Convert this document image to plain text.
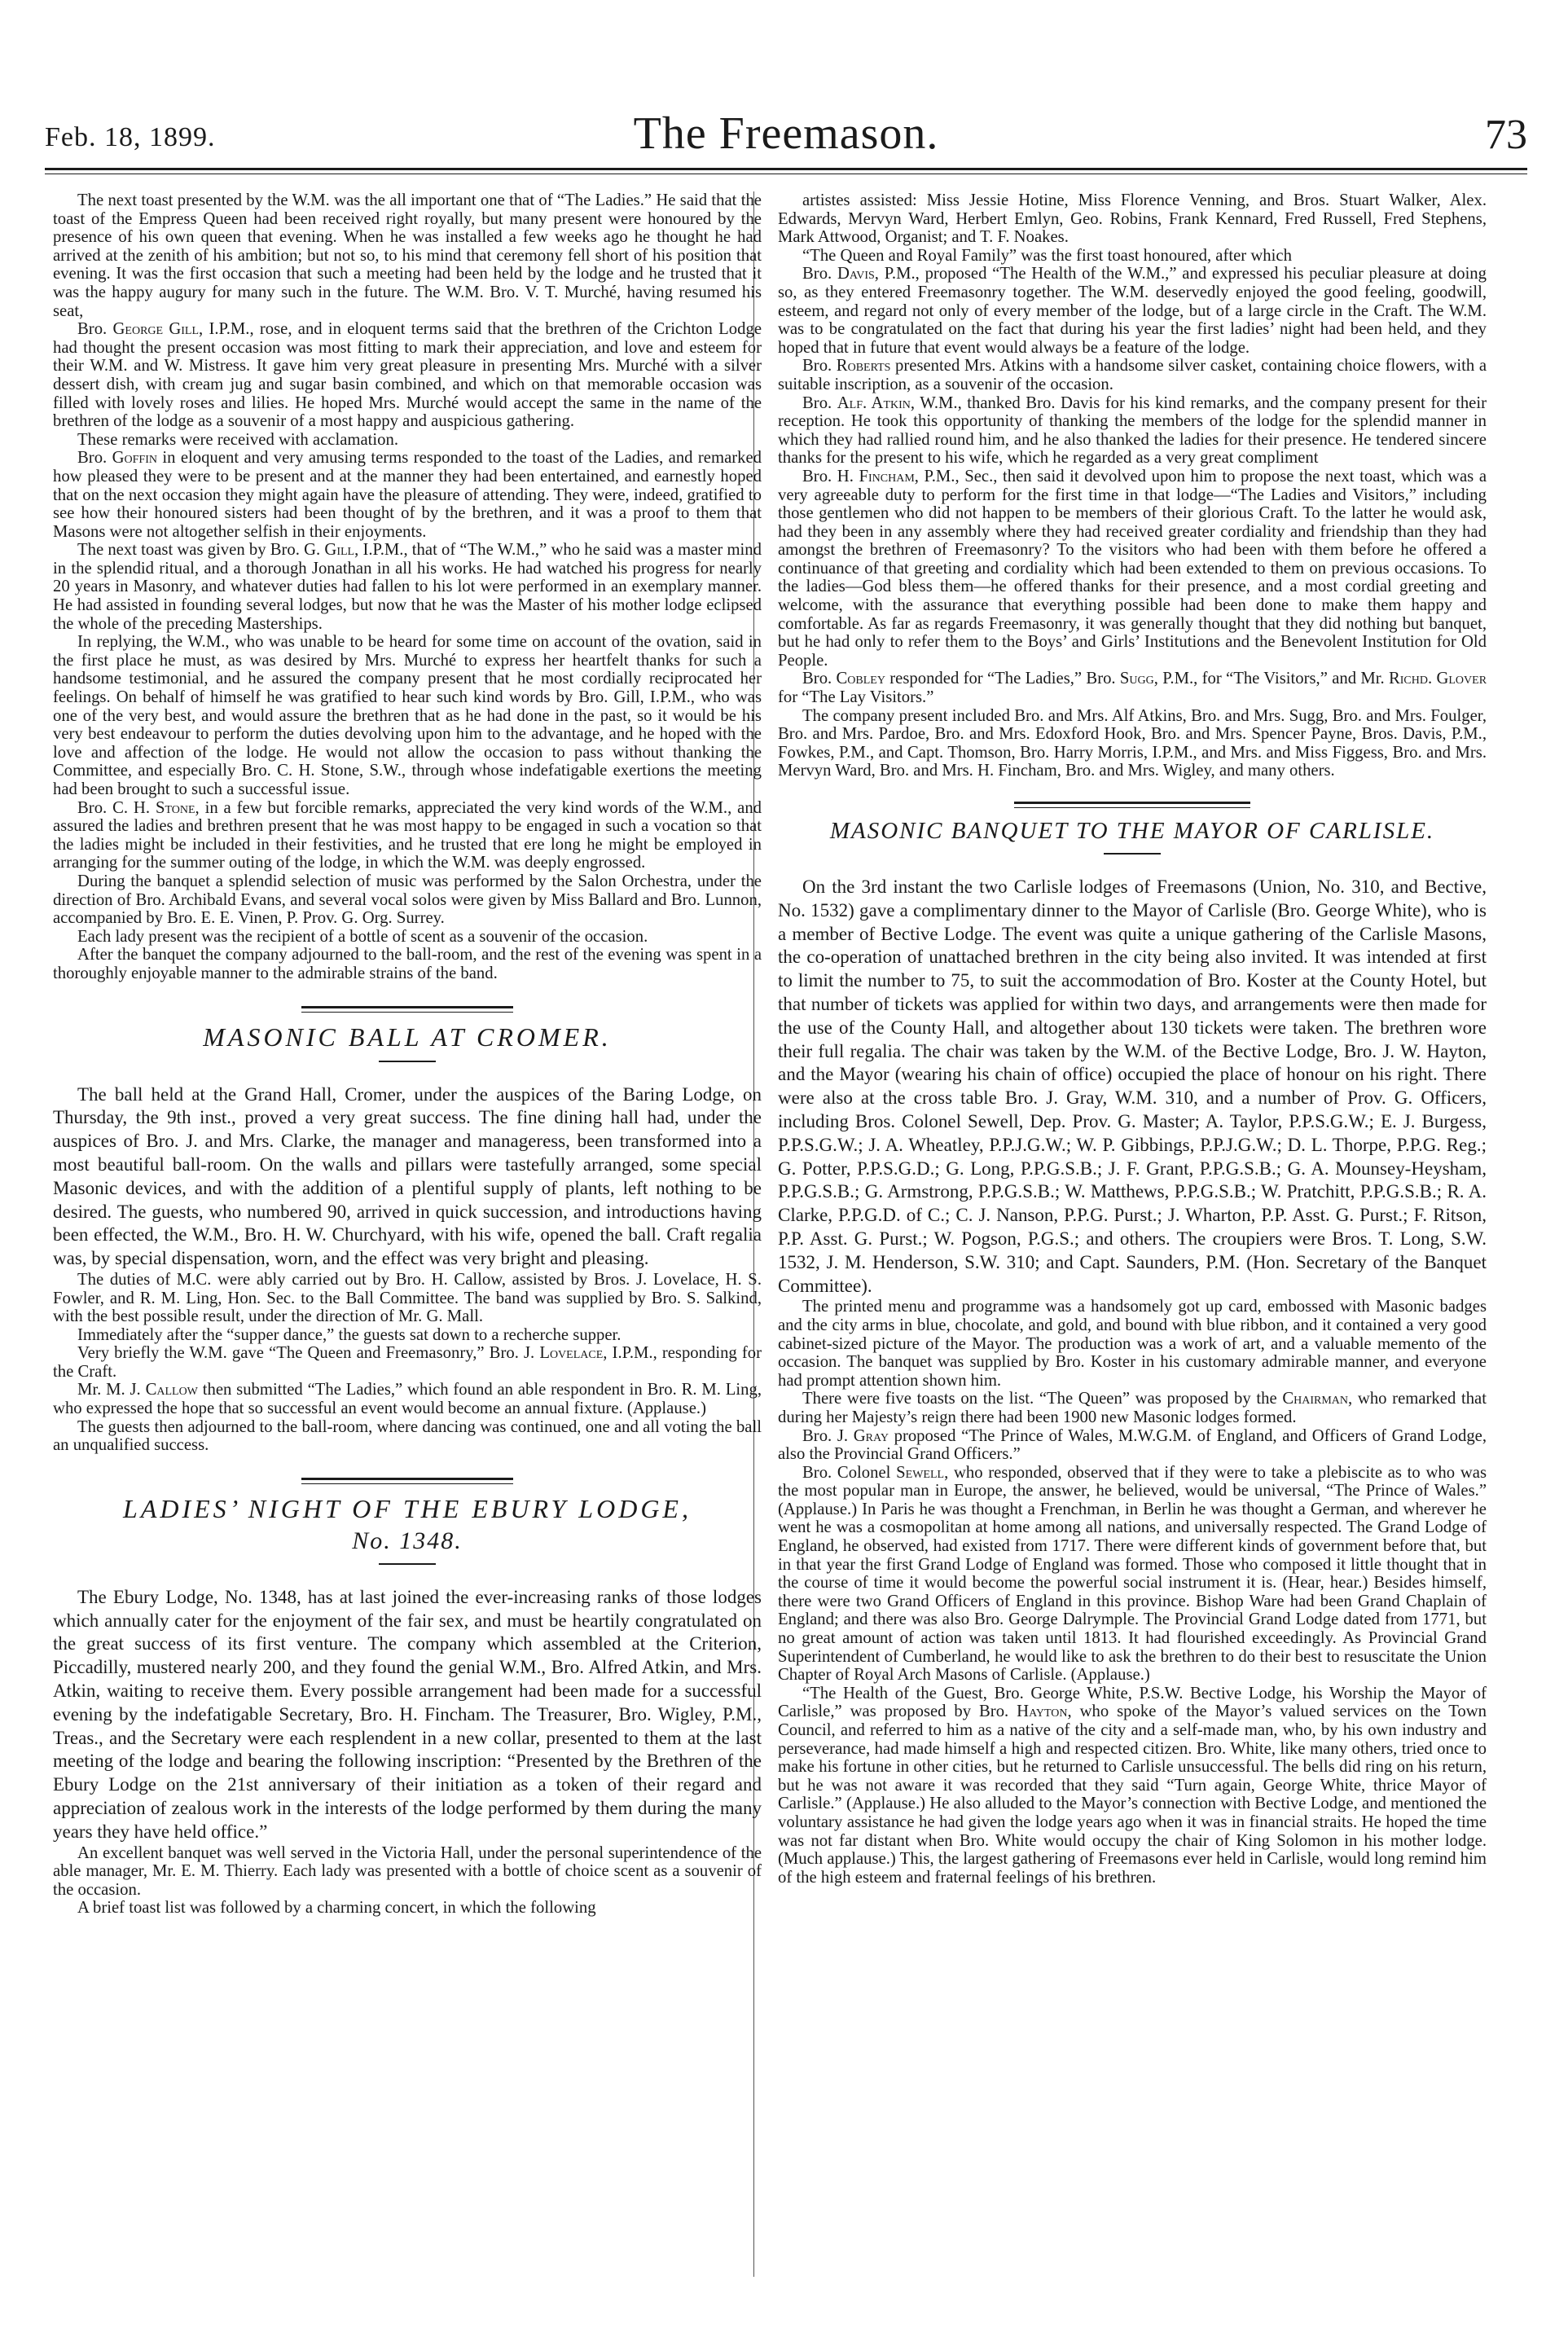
Feb. 18, 1899.	The Freemason.	73

The next toast presented by the W.M. was the all important one that of “The Ladies.” He said that the toast of the Empress Queen had been received right royally, but many present were honoured by the presence of his own queen that evening. When he was installed a few weeks ago he thought he had arrived at the zenith of his ambition; but not so, to his mind that ceremony fell short of his position that evening. It was the first occasion that such a meeting had been held by the lodge and he trusted that it was the happy augury for many such in the future. The W.M. Bro. V. T. Murché, having resumed his seat,

Bro. George Gill, I.P.M., rose, and in eloquent terms said that the brethren of the Crichton Lodge had thought the present occasion was most fitting to mark their appreciation, and love and esteem for their W.M. and W. Mistress. It gave him very great pleasure in presenting Mrs. Murché with a silver dessert dish, with cream jug and sugar basin combined, and which on that memorable occasion was filled with lovely roses and lilies. He hoped Mrs. Murché would accept the same in the name of the brethren of the lodge as a souvenir of a most happy and auspicious gathering.

These remarks were received with acclamation.

Bro. Goffin in eloquent and very amusing terms responded to the toast of the Ladies, and remarked how pleased they were to be present and at the manner they had been entertained, and earnestly hoped that on the next occasion they might again have the pleasure of attending. They were, indeed, gratified to see how their honoured sisters had been thought of by the brethren, and it was a proof to them that Masons were not altogether selfish in their enjoyments.

The next toast was given by Bro. G. Gill, I.P.M., that of “The W.M.,” who he said was a master mind in the splendid ritual, and a thorough Jonathan in all his works. He had watched his progress for nearly 20 years in Masonry, and whatever duties had fallen to his lot were performed in an exemplary manner. He had assisted in founding several lodges, but now that he was the Master of his mother lodge eclipsed the whole of the preceding Masterships.

In replying, the W.M., who was unable to be heard for some time on account of the ovation, said in the first place he must, as was desired by Mrs. Murché to express her heartfelt thanks for such a handsome testimonial, and he assured the company present that he most cordially reciprocated her feelings. On behalf of himself he was gratified to hear such kind words by Bro. Gill, I.P.M., who was one of the very best, and would assure the brethren that as he had done in the past, so it would be his very best endeavour to perform the duties devolving upon him to the advantage, and he hoped with the love and affection of the lodge. He would not allow the occasion to pass without thanking the Committee, and especially Bro. C. H. Stone, S.W., through whose indefatigable exertions the meeting had been brought to such a successful issue.

Bro. C. H. Stone, in a few but forcible remarks, appreciated the very kind words of the W.M., and assured the ladies and brethren present that he was most happy to be engaged in such a vocation so that the ladies might be included in their festivities, and he trusted that ere long he might be employed in arranging for the summer outing of the lodge, in which the W.M. was deeply engrossed.

During the banquet a splendid selection of music was performed by the Salon Orchestra, under the direction of Bro. Archibald Evans, and several vocal solos were given by Miss Ballard and Bro. Lunnon, accompanied by Bro. E. E. Vinen, P. Prov. G. Org. Surrey.

Each lady present was the recipient of a bottle of scent as a souvenir of the occasion.

After the banquet the company adjourned to the ball-room, and the rest of the evening was spent in a thoroughly enjoyable manner to the admirable strains of the band.

MASONIC BALL AT CROMER.

The ball held at the Grand Hall, Cromer, under the auspices of the Baring Lodge, on Thursday, the 9th inst., proved a very great success. The fine dining hall had, under the auspices of Bro. J. and Mrs. Clarke, the manager and manageress, been transformed into a most beautiful ball-room. On the walls and pillars were tastefully arranged, some special Masonic devices, and with the addition of a plentiful supply of plants, left nothing to be desired. The guests, who numbered 90, arrived in quick succession, and introductions having been effected, the W.M., Bro. H. W. Churchyard, with his wife, opened the ball. Craft regalia was, by special dispensation, worn, and the effect was very bright and pleasing.

The duties of M.C. were ably carried out by Bro. H. Callow, assisted by Bros. J. Lovelace, H. S. Fowler, and R. M. Ling, Hon. Sec. to the Ball Committee. The band was supplied by Bro. S. Salkind, with the best possible result, under the direction of Mr. G. Mall.

Immediately after the “supper dance,” the guests sat down to a recherche supper.

Very briefly the W.M. gave “The Queen and Freemasonry,” Bro. J. Lovelace, I.P.M., responding for the Craft.

Mr. M. J. Callow then submitted “The Ladies,” which found an able respondent in Bro. R. M. Ling, who expressed the hope that so successful an event would become an annual fixture. (Applause.)

The guests then adjourned to the ball-room, where dancing was continued, one and all voting the ball an unqualified success.

LADIES’ NIGHT OF THE EBURY LODGE,
No. 1348.

The Ebury Lodge, No. 1348, has at last joined the ever-increasing ranks of those lodges which annually cater for the enjoyment of the fair sex, and must be heartily congratulated on the great success of its first venture. The company which assembled at the Criterion, Piccadilly, mustered nearly 200, and they found the genial W.M., Bro. Alfred Atkin, and Mrs. Atkin, waiting to receive them. Every possible arrangement had been made for a successful evening by the indefatigable Secretary, Bro. H. Fincham. The Treasurer, Bro. Wigley, P.M., Treas., and the Secretary were each resplendent in a new collar, presented to them at the last meeting of the lodge and bearing the following inscription: “Presented by the Brethren of the Ebury Lodge on the 21st anniversary of their initiation as a token of their regard and appreciation of zealous work in the interests of the lodge performed by them during the many years they have held office.”

An excellent banquet was well served in the Victoria Hall, under the personal superintendence of the able manager, Mr. E. M. Thierry. Each lady was presented with a bottle of choice scent as a souvenir of the occasion.

A brief toast list was followed by a charming concert, in which the following

artistes assisted: Miss Jessie Hotine, Miss Florence Venning, and Bros. Stuart Walker, Alex. Edwards, Mervyn Ward, Herbert Emlyn, Geo. Robins, Frank Kennard, Fred Russell, Fred Stephens, Mark Attwood, Organist; and T. F. Noakes.

“The Queen and Royal Family” was the first toast honoured, after which

Bro. Davis, P.M., proposed “The Health of the W.M.,” and expressed his peculiar pleasure at doing so, as they entered Freemasonry together. The W.M. deservedly enjoyed the good feeling, goodwill, esteem, and regard not only of every member of the lodge, but of a large circle in the Craft. The W.M. was to be congratulated on the fact that during his year the first ladies’ night had been held, and they hoped that in future that event would always be a feature of the lodge.

Bro. Roberts presented Mrs. Atkins with a handsome silver casket, containing choice flowers, with a suitable inscription, as a souvenir of the occasion.

Bro. Alf. Atkin, W.M., thanked Bro. Davis for his kind remarks, and the company present for their reception. He took this opportunity of thanking the members of the lodge for the splendid manner in which they had rallied round him, and he also thanked the ladies for their presence. He tendered sincere thanks for the present to his wife, which he regarded as a very great compliment

Bro. H. Fincham, P.M., Sec., then said it devolved upon him to propose the next toast, which was a very agreeable duty to perform for the first time in that lodge—“The Ladies and Visitors,” including those gentlemen who did not happen to be members of their glorious Craft. To the latter he would ask, had they been in any assembly where they had received greater cordiality and friendship than they had amongst the brethren of Freemasonry? To the visitors who had been with them before he offered a continuance of that greeting and cordiality which had been extended to them on previous occasions. To the ladies—God bless them—he offered thanks for their presence, and a most cordial greeting and welcome, with the assurance that everything possible had been done to make them happy and comfortable. As far as regards Freemasonry, it was generally thought that they did nothing but banquet, but he had only to refer them to the Boys’ and Girls’ Institutions and the Benevolent Institution for Old People.

Bro. Cobley responded for “The Ladies,” Bro. Sugg, P.M., for “The Visitors,” and Mr. Richd. Glover for “The Lay Visitors.”

The company present included Bro. and Mrs. Alf Atkins, Bro. and Mrs. Sugg, Bro. and Mrs. Foulger, Bro. and Mrs. Pardoe, Bro. and Mrs. Edoxford Hook, Bro. and Mrs. Spencer Payne, Bros. Davis, P.M., Fowkes, P.M., and Capt. Thomson, Bro. Harry Morris, I.P.M., and Mrs. and Miss Figgess, Bro. and Mrs. Mervyn Ward, Bro. and Mrs. H. Fincham, Bro. and Mrs. Wigley, and many others.

MASONIC BANQUET TO THE MAYOR OF CARLISLE.

On the 3rd instant the two Carlisle lodges of Freemasons (Union, No. 310, and Bective, No. 1532) gave a complimentary dinner to the Mayor of Carlisle (Bro. George White), who is a member of Bective Lodge. The event was quite a unique gathering of the Carlisle Masons, the co-operation of unattached brethren in the city being also invited. It was intended at first to limit the number to 75, to suit the accommodation of Bro. Koster at the County Hotel, but that number of tickets was applied for within two days, and arrangements were then made for the use of the County Hall, and altogether about 130 tickets were taken. The brethren wore their full regalia. The chair was taken by the W.M. of the Bective Lodge, Bro. J. W. Hayton, and the Mayor (wearing his chain of office) occupied the place of honour on his right. There were also at the cross table Bro. J. Gray, W.M. 310, and a number of Prov. G. Officers, including Bros. Colonel Sewell, Dep. Prov. G. Master; A. Taylor, P.P.S.G.W.; E. J. Burgess, P.P.S.G.W.; J. A. Wheatley, P.P.J.G.W.; W. P. Gibbings, P.P.J.G.W.; D. L. Thorpe, P.P.G. Reg.; G. Potter, P.P.S.G.D.; G. Long, P.P.G.S.B.; J. F. Grant, P.P.G.S.B.; G. A. Mounsey-Heysham, P.P.G.S.B.; G. Armstrong, P.P.G.S.B.; W. Matthews, P.P.G.S.B.; W. Pratchitt, P.P.G.S.B.; R. A. Clarke, P.P.G.D. of C.; C. J. Nanson, P.P.G. Purst.; J. Wharton, P.P. Asst. G. Purst.; F. Ritson, P.P. Asst. G. Purst.; W. Pogson, P.G.S.; and others. The croupiers were Bros. T. Long, S.W. 1532, J. M. Henderson, S.W. 310; and Capt. Saunders, P.M. (Hon. Secretary of the Banquet Committee).

The printed menu and programme was a handsomely got up card, embossed with Masonic badges and the city arms in blue, chocolate, and gold, and bound with blue ribbon, and it contained a very good cabinet-sized picture of the Mayor. The production was a work of art, and a valuable memento of the occasion. The banquet was supplied by Bro. Koster in his customary admirable manner, and everyone had prompt attention shown him.

There were five toasts on the list. “The Queen” was proposed by the Chairman, who remarked that during her Majesty’s reign there had been 1900 new Masonic lodges formed.

Bro. J. Gray proposed “The Prince of Wales, M.W.G.M. of England, and Officers of Grand Lodge, also the Provincial Grand Officers.”

Bro. Colonel Sewell, who responded, observed that if they were to take a plebiscite as to who was the most popular man in Europe, the answer, he believed, would be universal, “The Prince of Wales.” (Applause.) In Paris he was thought a Frenchman, in Berlin he was thought a German, and wherever he went he was a cosmopolitan at home among all nations, and universally respected. The Grand Lodge of England, he observed, had existed from 1717. There were different kinds of government before that, but in that year the first Grand Lodge of England was formed. Those who composed it little thought that in the course of time it would become the powerful social instrument it is. (Hear, hear.) Besides himself, there were two Grand Officers of England in this province. Bishop Ware had been Grand Chaplain of England; and there was also Bro. George Dalrymple. The Provincial Grand Lodge dated from 1771, but no great amount of action was taken until 1813. It had flourished exceedingly. As Provincial Grand Superintendent of Cumberland, he would like to ask the brethren to do their best to resuscitate the Union Chapter of Royal Arch Masons of Carlisle. (Applause.)

“The Health of the Guest, Bro. George White, P.S.W. Bective Lodge, his Worship the Mayor of Carlisle,” was proposed by Bro. Hayton, who spoke of the Mayor’s valued services on the Town Council, and referred to him as a native of the city and a self-made man, who, by his own industry and perseverance, had made himself a high and respected citizen. Bro. White, like many others, tried once to make his fortune in other cities, but he returned to Carlisle unsuccessful. The bells did ring on his return, but he was not aware it was recorded that they said “Turn again, George White, thrice Mayor of Carlisle.” (Applause.) He also alluded to the Mayor’s connection with Bective Lodge, and mentioned the voluntary assistance he had given the lodge years ago when it was in financial straits. He hoped the time was not far distant when Bro. White would occupy the chair of King Solomon in his mother lodge. (Much applause.) This, the largest gathering of Freemasons ever held in Carlisle, would long remind him of the high esteem and fraternal feelings of his brethren.
